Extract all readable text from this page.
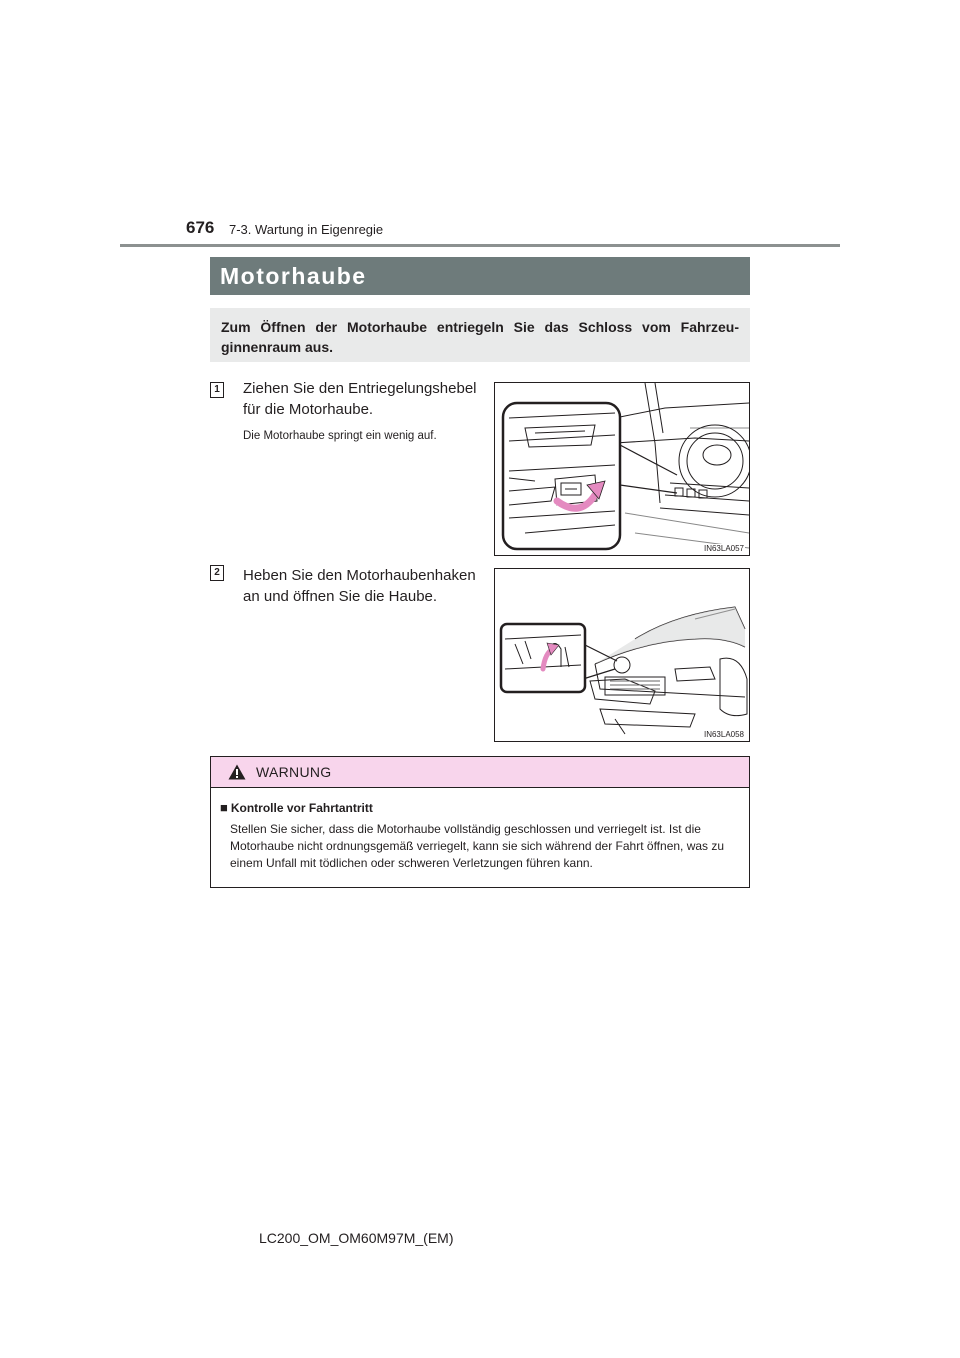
676 7-3. Wartung in Eigenregie
Motorhaube
Zum Öffnen der Motorhaube entriegeln Sie das Schloss vom Fahrzeu-ginnenraum aus.
1 Ziehen Sie den Entriegelungshebel für die Motorhaube.
Die Motorhaube springt ein wenig auf.
IN63LA057
2 Heben Sie den Motorhaubenhaken an und öffnen Sie die Haube.
IN63LA058
WARNUNG
■ Kontrolle vor Fahrtantritt
Stellen Sie sicher, dass die Motorhaube vollständig geschlossen und verriegelt ist. Ist die Motorhaube nicht ordnungsgemäß verriegelt, kann sie sich während der Fahrt öffnen, was zu einem Unfall mit tödlichen oder schweren Verletzungen führen kann.
LC200_OM_OM60M97M_(EM)
